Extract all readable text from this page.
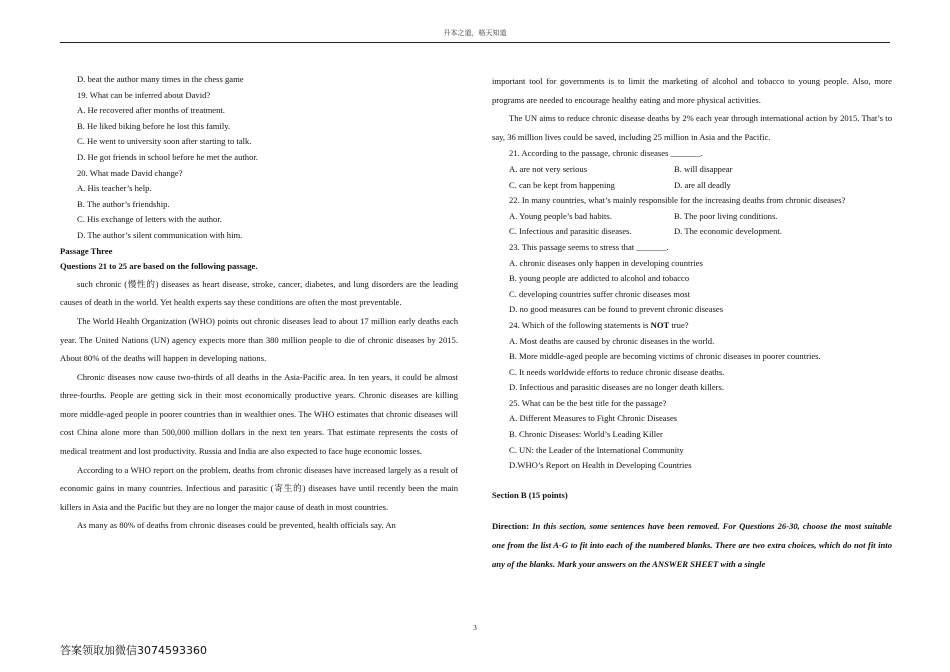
升本之道，格天知道
D. beat the author many times in the chess game
19. What can be inferred about David?
A. He recovered after months of treatment.
B. He liked biking before he lost this family.
C. He went to university soon after starting to talk.
D. He got friends in school before he met the author.
20. What made David change?
A. His teacher’s help.
B. The author’s friendship.
C. His exchange of letters with the author.
D. The author’s silent communication with him.
Passage Three
Questions 21 to 25 are based on the following passage.
such chronic (慢性的) diseases as heart disease, stroke, cancer, diabetes, and lung disorders are the leading causes of death in the world. Yet health experts say these conditions are often the most preventable.
The World Health Organization (WHO) points out chronic diseases lead to about 17 million early deaths each year. The United Nations (UN) agency expects more than 380 million people to die of chronic diseases by 2015. About 80% of the deaths will happen in developing nations.
Chronic diseases now cause two-thirds of all deaths in the Asia-Pacific area. In ten years, it could be almost three-fourths. People are getting sick in their most economically productive years. Chronic diseases are killing more middle-aged people in poorer countries than in wealthier ones. The WHO estimates that chronic diseases will cost China alone more than 500,000 million dollars in the next ten years. That estimate represents the costs of medical treatment and lost productivity. Russia and India are also expected to face huge economic losses.
According to a WHO report on the problem, deaths from chronic diseases have increased largely as a result of economic gains in many countries. Infectious and parasitic (寄生的) diseases have until recently been the main killers in Asia and the Pacific but they are no longer the major cause of death in most countries.
As many as 80% of deaths from chronic diseases could be prevented, health officials say. An
important tool for governments is to limit the marketing of alcohol and tobacco to young people. Also, more programs are needed to encourage healthy eating and more physical activities.
The UN aims to reduce chronic disease deaths by 2% each year through international action by 2015. That’s to say, 36 million lives could be saved, including 25 million in Asia and the Pacific.
21. According to the passage, chronic diseases _______.
A. are not very serious	B. will disappear
C. can be kept from happening	D. are all deadly
22. In many countries, what’s mainly responsible for the increasing deaths from chronic diseases?
A. Young people’s bad habits.	B. The poor living conditions.
C. Infectious and parasitic diseases.	D. The economic development.
23. This passage seems to stress that _______.
A. chronic diseases only happen in developing countries
B. young people are addicted to alcohol and tobacco
C. developing countries suffer chronic diseases most
D. no good measures can be found to prevent chronic diseases
24. Which of the following statements is NOT true?
A. Most deaths are caused by chronic diseases in the world.
B. More middle-aged people are becoming victims of chronic diseases in poorer countries.
C. It needs worldwide efforts to reduce chronic disease deaths.
D. Infectious and parasitic diseases are no longer death killers.
25. What can be the best title for the passage?
A. Different Measures to Fight Chronic Diseases
B. Chronic Diseases: World’s Leading Killer
C. UN: the Leader of the International Community
D.WHO’s Report on Health in Developing Countries
Section B (15 points)
Direction: In this section, some sentences have been removed. For Questions 26-30, choose the most suitable one from the list A-G to fit into each of the numbered blanks. There are two extra choices, which do not fit into any of the blanks. Mark your answers on the ANSWER SHEET with a single
3
答案领取加微信3074593360
